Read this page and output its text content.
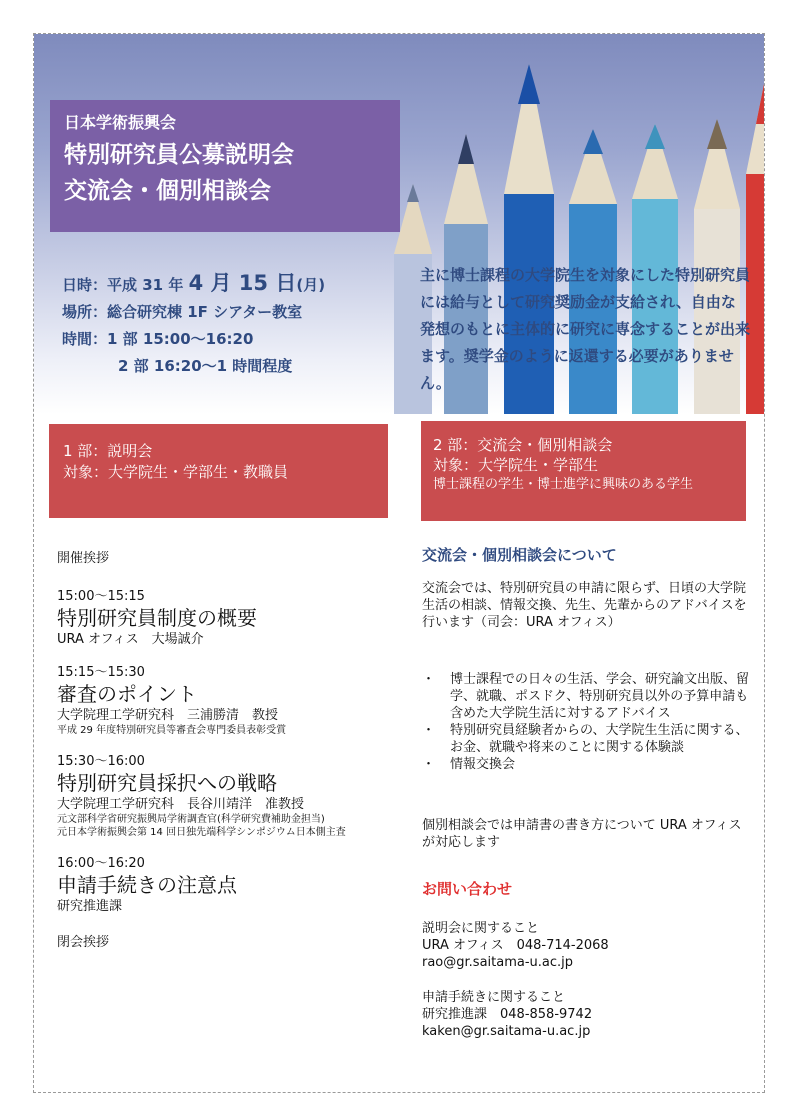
日本学術振興会
特別研究員公募説明会
交流会・個別相談会
日時：平成 31 年 4 月 15 日(月)
場所：総合研究棟 1F シアター教室
時間：1 部 15:00～16:20
2 部 16:20～1 時間程度
主に博士課程の大学院生を対象にした特別研究員には給与として研究奨励金が支給され、自由な発想のもとに主体的に研究に専念することが出来ます。奨学金のように返還する必要がありません。
1 部：説明会
対象：大学院生・学部生・教職員
2 部：交流会・個別相談会
対象：大学院生・学部生
博士課程の学生・博士進学に興味のある学生
開催挨拶
15:00～15:15
特別研究員制度の概要
URA オフィス　大場誠介
15:15～15:30
審査のポイント
大学院理工学研究科　三浦勝清　教授
平成 29 年度特別研究員等審査会専門委員表彰受賞
15:30～16:00
特別研究員採択への戦略
大学院理工学研究科　長谷川靖洋　准教授
元文部科学省研究振興局学術調査官(科学研究費補助金担当)
元日本学術振興会第 14 回日独先端科学シンポジウム日本側主査
16:00～16:20
申請手続きの注意点
研究推進課
閉会挨拶
交流会・個別相談会について
交流会では、特別研究員の申請に限らず、日頃の大学院生活の相談、情報交換、先生、先輩からのアドバイスを行います（司会：URA オフィス）
・ 博士課程での日々の生活、学会、研究論文出版、留学、就職、ポスドク、特別研究員以外の予算申請も含めた大学院生活に対するアドバイス
・ 特別研究員経験者からの、大学院生生活に関する、お金、就職や将来のことに関する体験談
・ 情報交換会
個別相談会では申請書の書き方について URA オフィスが対応します
お問い合わせ
説明会に関すること
URA オフィス　048-714-2068
rao@gr.saitama-u.ac.jp
申請手続きに関すること
研究推進課　048-858-9742
kaken@gr.saitama-u.ac.jp
